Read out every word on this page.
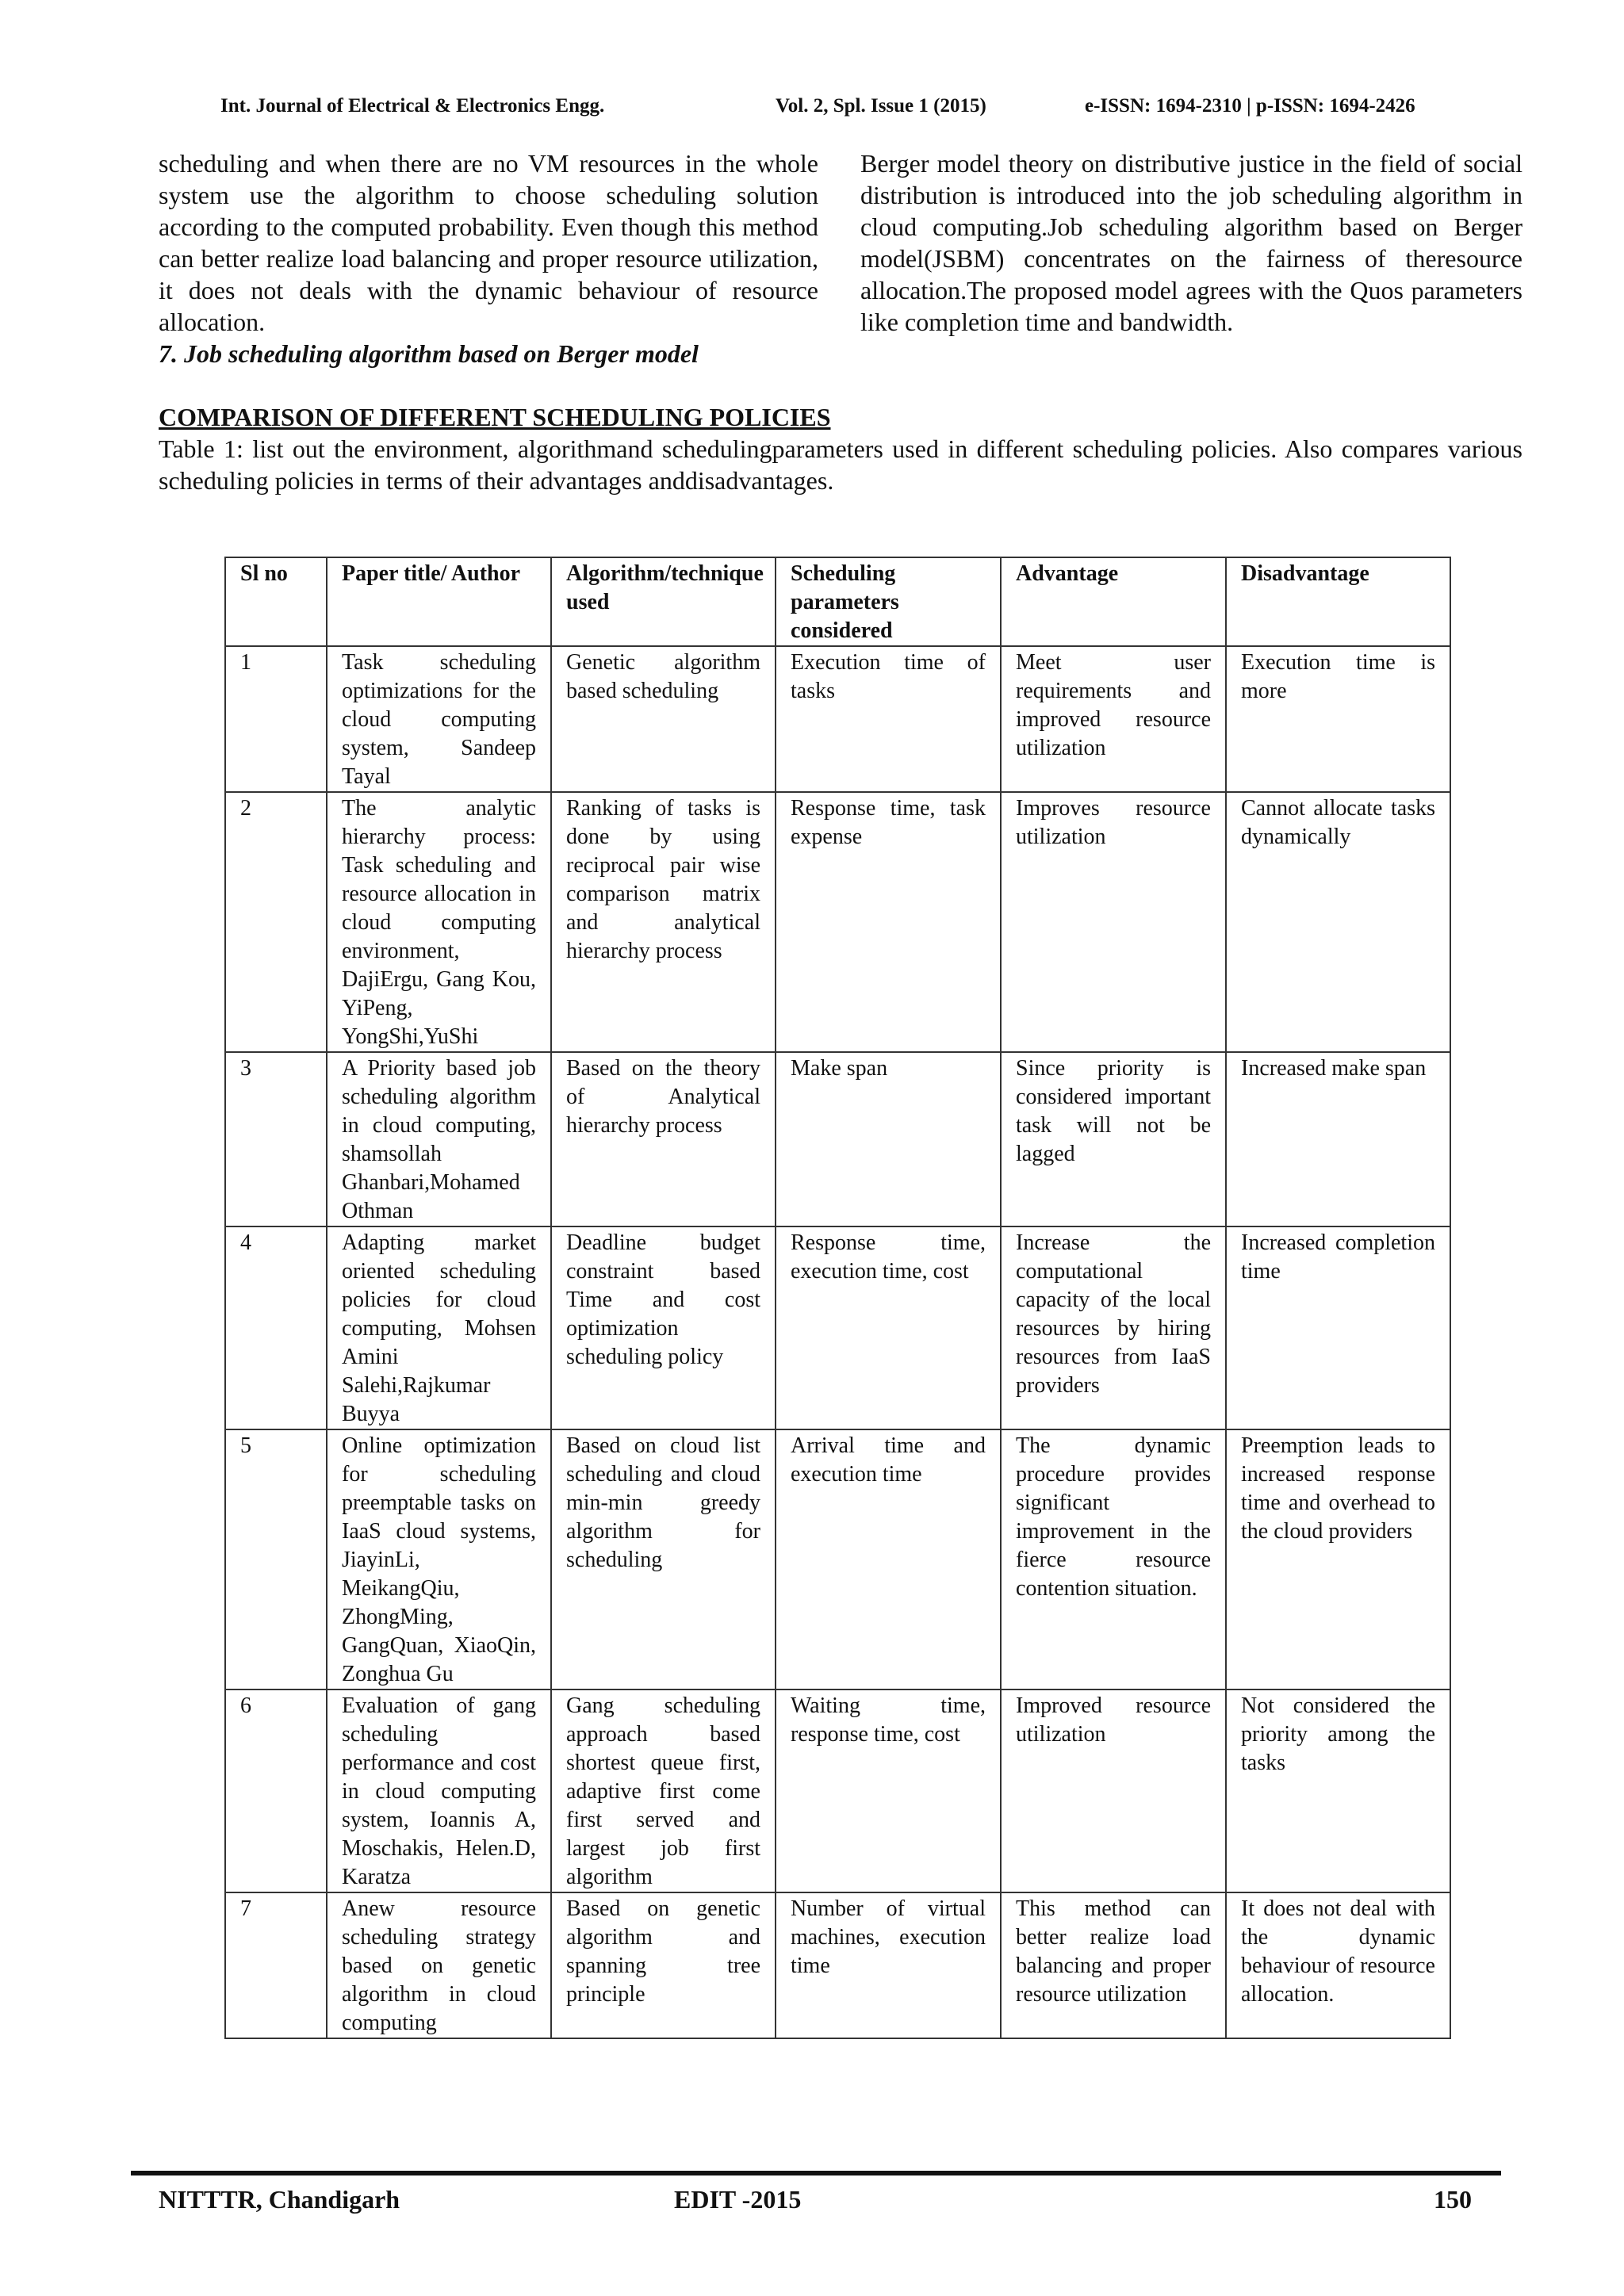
Int. Journal of Electrical & Electronics Engg.	Vol. 2, Spl. Issue 1 (2015)	e-ISSN: 1694-2310 | p-ISSN: 1694-2426

scheduling and when there are no VM resources in the whole system use the algorithm to choose scheduling solution according to the computed probability. Even though this method can better realize load balancing and proper resource utilization, it does not deals with the dynamic behaviour of resource allocation.

7. Job scheduling algorithm based on Berger model

Berger model theory on distributive justice in the field of social distribution is introduced into the job scheduling algorithm in cloud computing.Job scheduling algorithm based on Berger model(JSBM) concentrates on the fairness of theresource allocation.The proposed model agrees with the Quos parameters like completion time and bandwidth.

COMPARISON OF DIFFERENT SCHEDULING POLICIES

Table 1: list out the environment, algorithmand schedulingparameters used in different scheduling policies. Also compares various scheduling policies in terms of their advantages anddisadvantages.

Sl no	Paper title/ Author	Algorithm/technique used	Scheduling parameters considered	Advantage	Disadvantage
1	Task scheduling optimizations for the cloud computing system, Sandeep Tayal	Genetic algorithm based scheduling	Execution time of tasks	Meet user requirements and improved resource utilization	Execution time is more
2	The analytic hierarchy process: Task scheduling and resource allocation in cloud computing environment, DajiErgu, Gang Kou, YiPeng, YongShi,YuShi	Ranking of tasks is done by using reciprocal pair wise comparison matrix and analytical hierarchy process	Response time, task expense	Improves resource utilization	Cannot allocate tasks dynamically
3	A Priority based job scheduling algorithm in cloud computing, shamsollah Ghanbari,Mohamed Othman	Based on the theory of Analytical hierarchy process	Make span	Since priority is considered important task will not be lagged	Increased make span
4	Adapting market oriented scheduling policies for cloud computing, Mohsen Amini Salehi,Rajkumar Buyya	Deadline budget constraint based Time and cost optimization scheduling policy	Response time, execution time, cost	Increase the computational capacity of the local resources by hiring resources from IaaS providers	Increased completion time
5	Online optimization for scheduling preemptable tasks on IaaS cloud systems, JiayinLi, MeikangQiu, ZhongMing, GangQuan, XiaoQin, Zonghua Gu	Based on cloud list scheduling and cloud min-min greedy algorithm for scheduling	Arrival time and execution time	The dynamic procedure provides significant improvement in the fierce resource contention situation.	Preemption leads to increased response time and overhead to the cloud providers
6	Evaluation of gang scheduling performance and cost in cloud computing system, Ioannis A, Moschakis, Helen.D, Karatza	Gang scheduling approach based shortest queue first, adaptive first come first served and largest job first algorithm	Waiting time, response time, cost	Improved resource utilization	Not considered the priority among the tasks
7	Anew resource scheduling strategy based on genetic algorithm in cloud computing	Based on genetic algorithm and spanning tree principle	Number of virtual machines, execution time	This method can better realize load balancing and proper resource utilization	It does not deal with the dynamic behaviour of resource allocation.
NITTTR, Chandigarh	EDIT -2015	150
